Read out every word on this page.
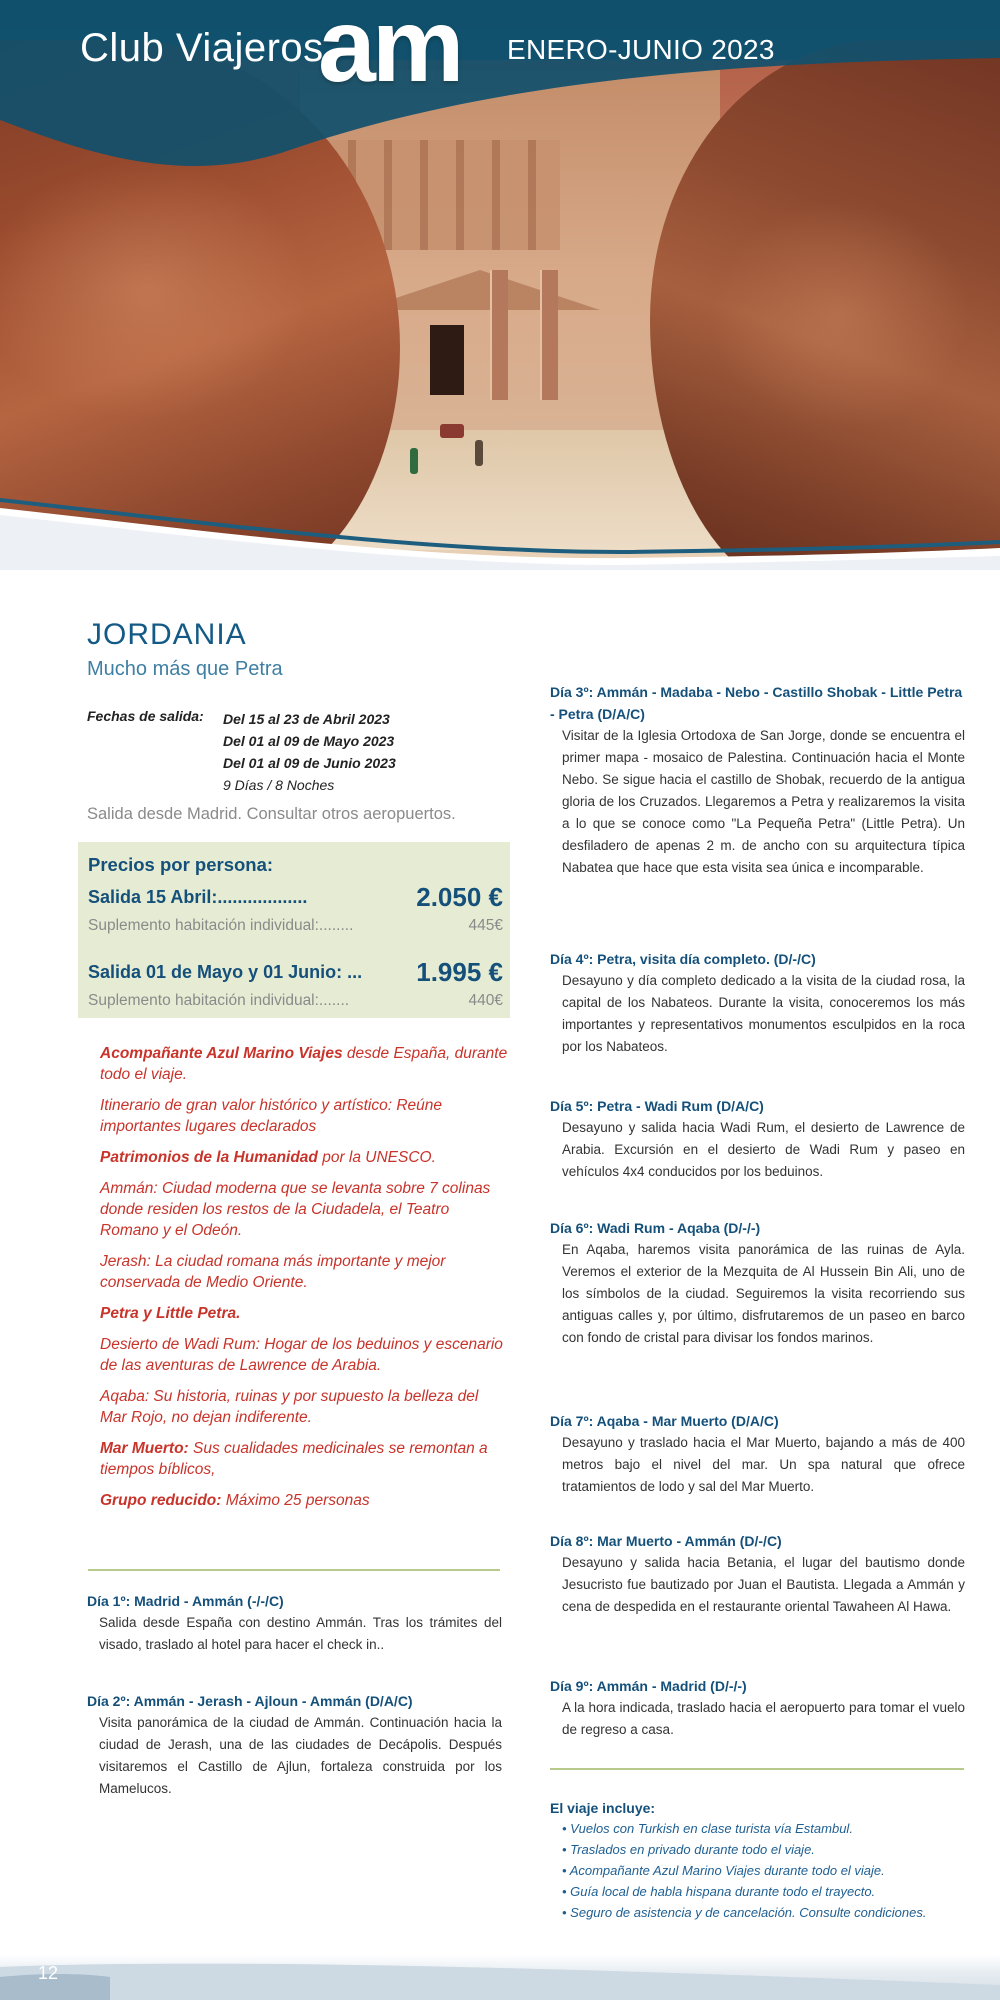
Club Viajeros
am ENERO-JUNIO 2023
JORDANIA
Mucho más que Petra
Fechas de salida:	Del 15 al 23 de Abril 2023
Del 01 al 09 de Mayo 2023
Del 01 al 09 de Junio 2023
9 Días / 8 Noches
Salida desde Madrid. Consultar otros aeropuertos.
Precios por persona:
Salida 15 Abril:..................	2.050 €
Suplemento habitación individual:........	445€
Salida 01 de Mayo y 01 Junio: ... 1.995 €
Suplemento habitación individual:.......	440€

Acompañante Azul Marino Viajes desde España, durante todo el viaje.

Itinerario de gran valor histórico y artístico: Reúne importantes lugares declarados

Patrimonios de la Humanidad por la UNESCO.

Ammán: Ciudad moderna que se levanta sobre 7 colinas donde residen los restos de la Ciudadela, el Teatro Romano y el Odeón.

Jerash: La ciudad romana más importante y mejor conservada de Medio Oriente.

Petra y Little Petra.

Desierto de Wadi Rum: Hogar de los beduinos y escenario de las aventuras de Lawrence de Arabia.

Aqaba: Su historia, ruinas y por supuesto la belleza del Mar Rojo, no dejan indiferente.

Mar Muerto: Sus cualidades medicinales se remontan a tiempos bíblicos,

Grupo reducido: Máximo 25 personas

Día 1º: Madrid - Ammán (-/-/C)
Salida desde España con destino Ammán. Tras los trámites del visado, traslado al hotel para hacer el check in..
Día 2º: Ammán - Jerash - Ajloun - Ammán (D/A/C)
Visita panorámica de la ciudad de Ammán. Continuación hacia la ciudad de Jerash, una de las ciudades de Decápolis. Después visitaremos el Castillo de Ajlun, fortaleza construida por los Mamelucos.
Día 3º: Ammán - Madaba - Nebo - Castillo Shobak - Little Petra - Petra (D/A/C)
Visitar de la Iglesia Ortodoxa de San Jorge, donde se encuentra el primer mapa - mosaico de Palestina. Continuación hacia el Monte Nebo. Se sigue hacia el castillo de Shobak, recuerdo de la antigua gloria de los Cruzados. Llegaremos a Petra y realizaremos la visita a lo que se conoce como "La Pequeña Petra" (Little Petra). Un desfiladero de apenas 2 m. de ancho con su arquitectura típica Nabatea que hace que esta visita sea única e incomparable.
Día 4º: Petra, visita día completo. (D/-/C)
Desayuno y día completo dedicado a la visita de la ciudad rosa, la capital de los Nabateos. Durante la visita, conoceremos los más importantes y representativos monumentos esculpidos en la roca por los Nabateos.
Día 5º: Petra - Wadi Rum (D/A/C)
Desayuno y salida hacia Wadi Rum, el desierto de Lawrence de Arabia. Excursión en el desierto de Wadi Rum y paseo en vehículos 4x4 conducidos por los beduinos.
Día 6º: Wadi Rum - Aqaba (D/-/-)
En Aqaba, haremos visita panorámica de las ruinas de Ayla. Veremos el exterior de la Mezquita de Al Hussein Bin Ali, uno de los símbolos de la ciudad. Seguiremos la visita recorriendo sus antiguas calles y, por último, disfrutaremos de un paseo en barco con fondo de cristal para divisar los fondos marinos.
Día 7º: Aqaba - Mar Muerto (D/A/C)
Desayuno y traslado hacia el Mar Muerto, bajando a más de 400 metros bajo el nivel del mar. Un spa natural que ofrece tratamientos de lodo y sal del Mar Muerto.
Día 8º: Mar Muerto - Ammán (D/-/C)
Desayuno y salida hacia Betania, el lugar del bautismo donde Jesucristo fue bautizado por Juan el Bautista. Llegada a Ammán y cena de despedida en el restaurante oriental Tawaheen Al Hawa.
Día 9º: Ammán - Madrid (D/-/-)
A la hora indicada, traslado hacia el aeropuerto para tomar el vuelo de regreso a casa.
El viaje incluye:
• Vuelos con Turkish en clase turista vía Estambul.
• Traslados en privado durante todo el viaje.
• Acompañante Azul Marino Viajes durante todo el viaje.
• Guía local de habla hispana durante todo el trayecto.
• Seguro de asistencia y de cancelación. Consulte condiciones.
12
